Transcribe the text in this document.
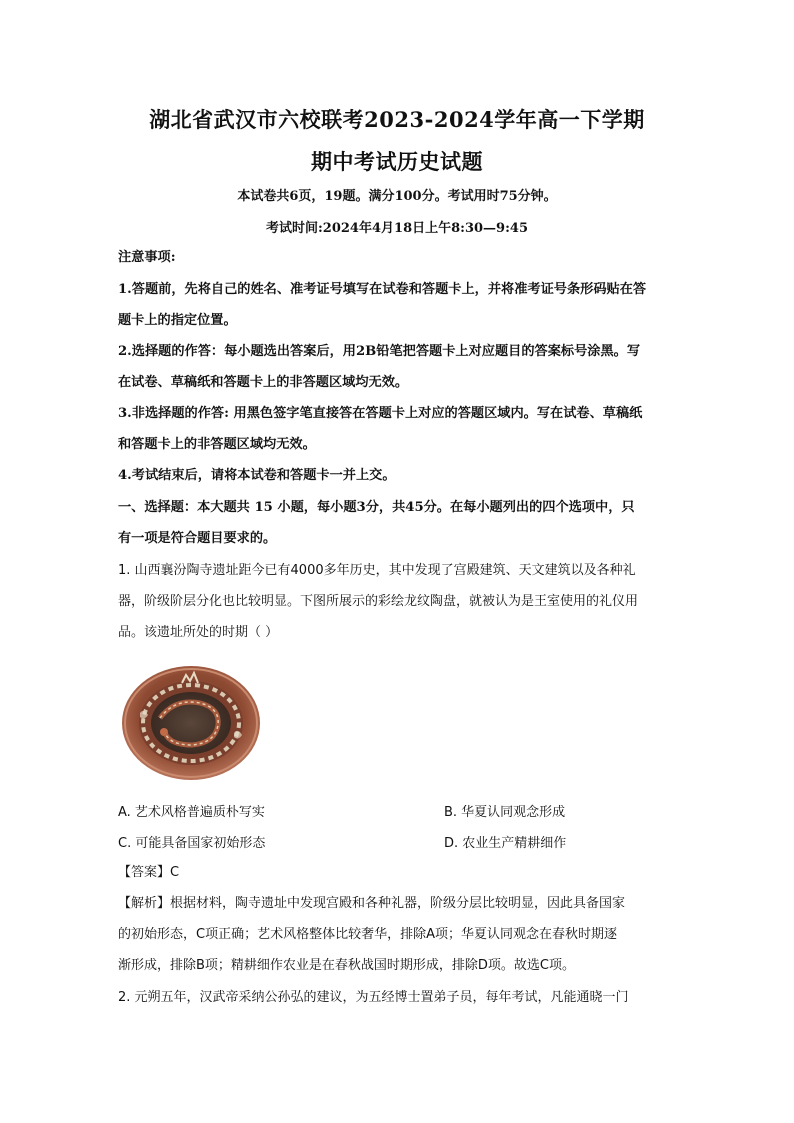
湖北省武汉市六校联考2023-2024学年高一下学期
期中考试历史试题
本试卷共6页，19题。满分100分。考试用时75分钟。
考试时间:2024年4月18日上午8:30—9:45
注意事项:
1.答题前，先将自己的姓名、准考证号填写在试卷和答题卡上，并将准考证号条形码贴在答
题卡上的指定位置。
2.选择题的作答：每小题选出答案后，用2B铅笔把答题卡上对应题目的答案标号涂黑。写
在试卷、草稿纸和答题卡上的非答题区域均无效。
3.非选择题的作答: 用黑色签字笔直接答在答题卡上对应的答题区域内。写在试卷、草稿纸
和答题卡上的非答题区域均无效。
4.考试结束后，请将本试卷和答题卡一并上交。
一、选择题：本大题共 15 小题，每小题3分，共45分。在每小题列出的四个选项中，只
有一项是符合题目要求的。
1. 山西襄汾陶寺遗址距今已有4000多年历史，其中发现了宫殿建筑、天文建筑以及各种礼
器，阶级阶层分化也比较明显。下图所展示的彩绘龙纹陶盘，就被认为是王室使用的礼仪用
品。该遗址所处的时期（ ）
A. 艺术风格普遍质朴写实	B. 华夏认同观念形成
C. 可能具备国家初始形态	D. 农业生产精耕细作
【答案】C
【解析】根据材料，陶寺遗址中发现宫殿和各种礼器，阶级分层比较明显，因此具备国家
的初始形态，C项正确；艺术风格整体比较奢华，排除A项；华夏认同观念在春秋时期逐
渐形成，排除B项；精耕细作农业是在春秋战国时期形成，排除D项。故选C项。
2. 元朔五年，汉武帝采纳公孙弘的建议，为五经博士置弟子员，每年考试，凡能通晓一门
